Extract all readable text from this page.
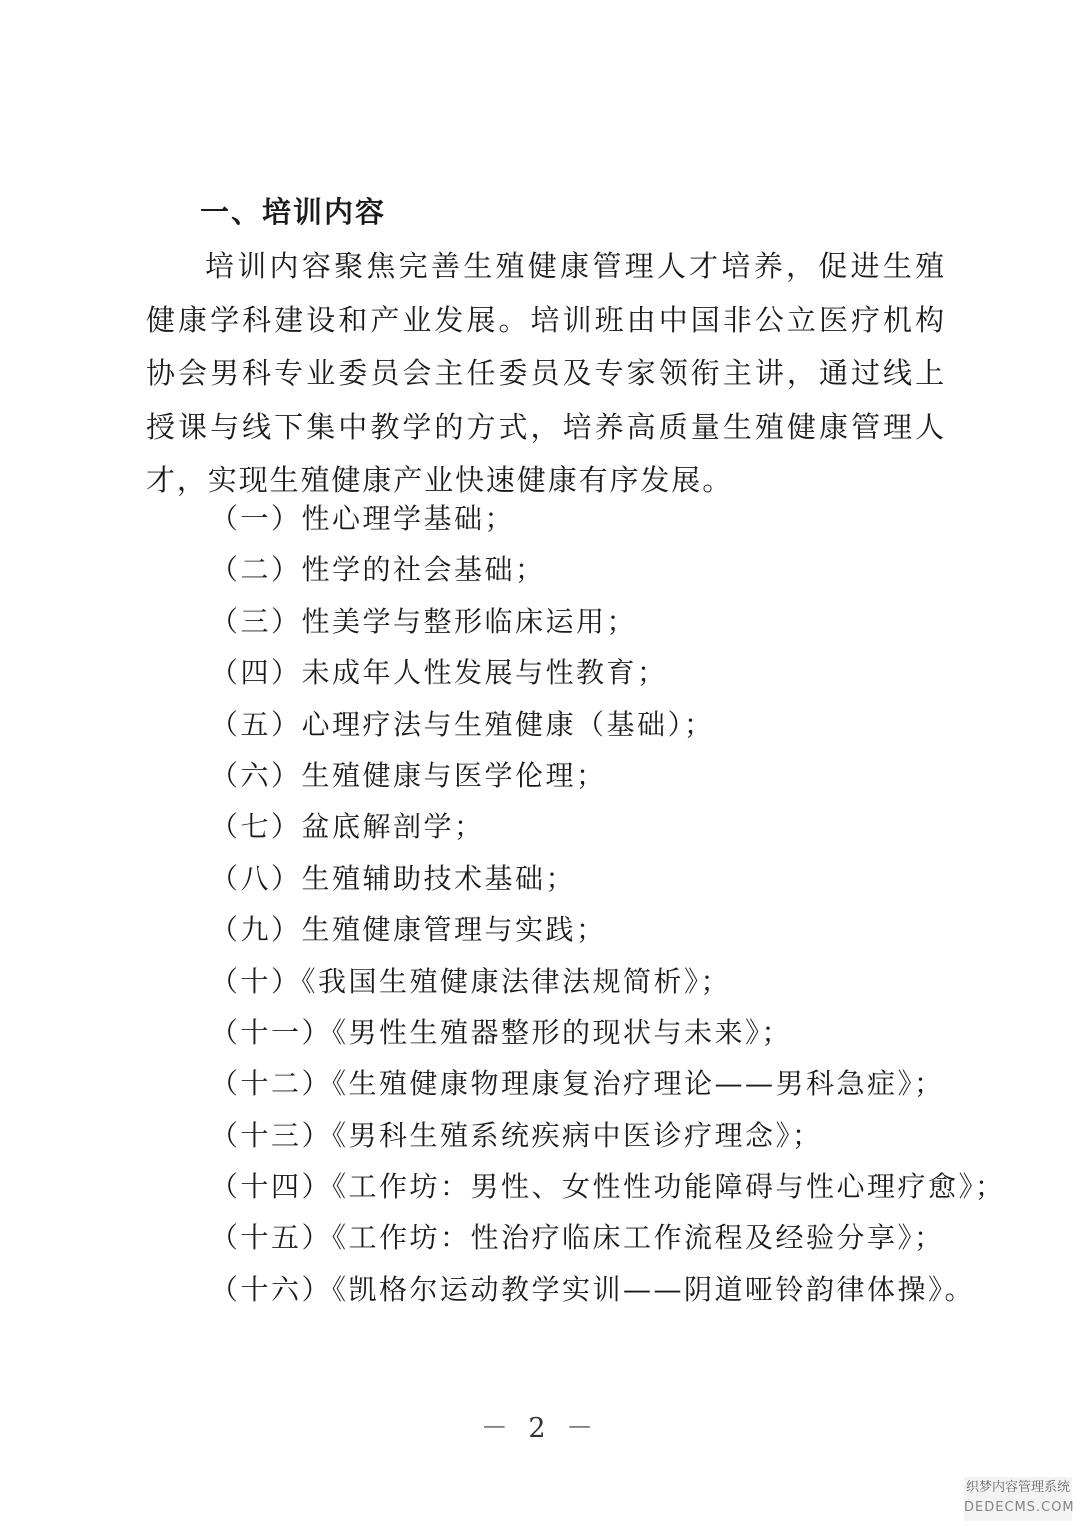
一、培训内容

培训内容聚焦完善生殖健康管理人才培养，促进生殖健康学科建设和产业发展。培训班由中国非公立医疗机构协会男科专业委员会主任委员及专家领衔主讲，通过线上授课与线下集中教学的方式，培养高质量生殖健康管理人才，实现生殖健康产业快速健康有序发展。

（一）性心理学基础；
（二）性学的社会基础；
（三）性美学与整形临床运用；
（四）未成年人性发展与性教育；
（五）心理疗法与生殖健康（基础）；
（六）生殖健康与医学伦理；
（七）盆底解剖学；
（八）生殖辅助技术基础；
（九）生殖健康管理与实践；
（十）《我国生殖健康法律法规简析》；
（十一）《男性生殖器整形的现状与未来》；
（十二）《生殖健康物理康复治疗理论——男科急症》；
（十三）《男科生殖系统疾病中医诊疗理念》；
（十四）《工作坊：男性、女性性功能障碍与性心理疗愈》；
（十五）《工作坊：性治疗临床工作流程及经验分享》；
（十六）《凯格尔运动教学实训——阴道哑铃韵律体操》。
－ 2 －
织梦内容管理系统
DEDECMS.COM
